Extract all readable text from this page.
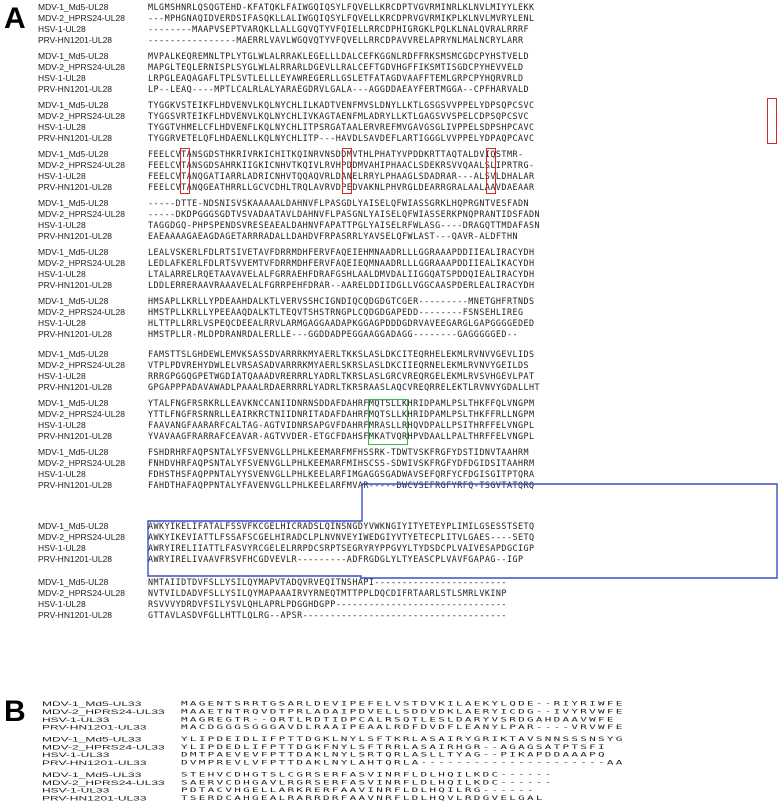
A MDV-1_Md5-UL28	MLGMSHNRLQSQGTEHD-KFATQKLFAIWGQIQSYLFQVELLKRCDPTVGVRMINRLKLNVLMIYYLEKK
MDV-2_HPRS24-UL28	---MPHGNAQIDVERDSIFASQKLLALIWGQIQSYLFQVELLKRCDPRVGVRMIKPLKLNVLMVRYLENL
HSV-1-UL28	--------MAAPVSEPTVARQKLLALLGQVQTYVFQIELLRRCDPHIGRGKLPQLKLNALQVRALRRRF
PRV-HN1201-UL28	----------------MAERRLVAVLWGQVQTYVFQVELLRRCDPAVVRELAPRYNLMALNCRYLARR
MDV-1_Md5-UL28	MVPALKEQREMNLTPLYTGLWLALRRAKLEGELLLDALCEFKGGNLRDFFRKSMSMCGDCPYHSTVELD
MDV-2_HPRS24-UL28	MAPGLTEQLERNISPLSYGLWLALRRARLDGEVLLRALCEFTGDVHGFFIKSMTISGDCPYHEVVELD
HSV-1-UL28	LRPGLEAQAGAFLTPLSVTLELLLEYAWREGERLLGSLETFATAGDVAAFFTEMLGRPCPYHQRVRLD
PRV-HN1201-UL28	LP--LEAQ----MPTLCALRLALYARAEGDRVLGALA---AGGDDAEAYFERTMGGA--CPFHARVALD
MDV-1_Md5-UL28	TYGGKVSTEIKFLHDVENVLKQLNYCHLILKADTVENFMVSLDNYLLKTLGSGSVVPPELYDPSQPCSVC
MDV-2_HPRS24-UL28	TYGGSVRTEIKFLHDVENVLKQLNYCHLIVKAGTAENFMLADRYLLKTLGAGSVVSPELCDPSQPCSVC
HSV-1-UL28	TYGGTVHMELCFLHDVENFLKQLNYCHLITPSRGATAALERVREFMVGAVGSGLIVPPELSDPSHPCAVC
PRV-HN1201-UL28	TYGGRVETELQFLHDAENLLKQLNYCHLITP---HAVDLSAVDEFLARTIGGGLVVPPELYDPAQPCAVC
MDV-1_Md5-UL28	FEELCVTANSGDSTHKRIVRKICHITKQINRVNSDDMVTHLPHATYVPDDKRTTAQTALDVIQSTMR-
MDV-2_HPRS24-UL28	FEELCVTANSGDSAHRKIIGKICNHVTKQIVLRVHPDDMVAHIPHAACLSDEKRSVVQAALSLIPRTRG-
HSV-1-UL28	FEELCVTANQGATIARRLADRICNHVTQQAQVRLDANELRRYLPHAAGLSDADRAR---ALSVLDHALAR
PRV-HN1201-UL28	FEELCVTANQGEATHRRLLGCVCDHLTRQLAVRVDPEDVAKNLPHVRGLDEARRGRALAALAAVDAEAAR
MDV-1_Md5-UL28	-----DTTE-NDSNISVSKAAAAALDAHNVFLPASGDLYAISELQFWIASSGRKLHQPRGNTVESFADN
MDV-2_HPRS24-UL28	-----DKDPGGGSGDTVSVADAATAVLDAHNVFLPASGNLYAISELQFWIASSERKPNQPRANTIDSFADN
HSV-1-UL28	TAGGDGQ-PHPSPENDSVRESEAEALDAHNVFAPATTPGLYAISELRFWLASG----DRAGQTTMDAFASN
PRV-HN1201-UL28	EAEAAAAGAEAGDAGETARRRADALLDAHDVFRPASRRLYAVSELQFWLAST---QAVR-ALDFTHN
MDV-1_Md5-UL28	LEALVSKERLFDLRTSIVETAVFDRRMDHFERVFAQEIEHMNAADRLLLGGRAAAPDDIIEALIRACYDH
MDV-2_HPRS24-UL28	LEDLAFKERLFDLRTSVVEMTVFDRRMDHFERVFAQEIEQMNAADRLLLGGRAAAPDDIIEALIKACYDH
HSV-1-UL28	LTALARRELRQETAAVAVELALFGRRAEHFDRAFGSHLAALDMVDALIIGGQATSPDDQIEALIRACYDH
PRV-HN1201-UL28	LDDLERRERAAVRAAAVELALFGRRPEHFDRAR--AARELDDIIDGLLVGGCAASPDERLEALIRACYDH
MDV-1_Md5-UL28	HMSAPLLKRLLYPDEAAHDALKTLVERVSSHCIGNDIQCQDGDGTCGER---------MNETGHFRTNDS
MDV-2_HPRS24-UL28	HMSTPLLKRLLYPEEAAQDALKTLTEQVTSHSTRNGPLCQDGDGAPEDD--------FSNSEHLIREG
HSV-1-UL28	HLTTPLLRRLVSPEQCDEEALRRVLARMGAGGAADAPKGGAGPDDDGDRVAVEEGARGLGAPGGGGEDED
PRV-HN1201-UL28	HMSTPLLR-MLDPDRANRDALERLLE---GGDDADPEGGAAGGADAGG--------GAGGGGGED--
MDV-1_Md5-UL28	FAMSTTSLGHDEWLEMVKSASSDVARRRKMYAERLTKKSLASLDKCITEQRHELEKMLRVNVVGEVLIDS
MDV-2_HPRS24-UL28	VTPLPDVREHYDWLELVRSASADVARRRKMYAERLSKRSLASLDKCIIEQRNELEKMLRVNVYGEILDS
HSV-1-UL28	RRRGPGGQGPETWGDIATQAAADVRERRRLYADRLTKRSLASLGRCVREQRGELEKMLRVSVHGEVLPAT
PRV-HN1201-UL28	GPGAPPPADAVAWADLPAAALRDAERRRRLYADRLTKRSRAASLAQCVREQRRELEKTLRVNVYGDALLHT
MDV-1_Md5-UL28	YTALFNGFRSRKRLLEAVKNCCANIIDNRNSDDAFDAHRFMQTSLLKHRIDPAMLPSLTHKFFQLVNGPM
MDV-2_HPRS24-UL28	YTTLFNGFRSRNRLLEAIRKRCTNIIDNRITADAFDAHRFMQTSLLKHRIDPAMLPSLTHKFFRLLNGPM
HSV-1-UL28	FAAVANGFAARARFCALTAG-AGTVIDNRSAPGVFDAHRFMRASLLRHQVDPALLPSITHRFFELVNGPL
PRV-HN1201-UL28	YVAVAAGFRARRAFCEAVAR-AGTVVDER-ETGCFDAHSFMKATVQRHPVDAALLPALTHRFFELVNGPL
MDV-1_Md5-UL28	FSHDRHRFAQPSNTALYFSVENVGLLPHLKEEMARFMFHSSRK-TDWTVSKFRGFYDSTIDNVTAAHRM
MDV-2_HPRS24-UL28	FNHDVHRFAQPSNTALYFSVENVGLLPHLKEEMARFMIHSCSS-SDWIVSKFRGFYDFDGIDSITAAHRM
HSV-1-UL28	FDHSTHSFAQPPNTALYYSVENVGLLPHLKEELARFIMGAGGSGADWAVSEFQRFYCFDGISGITPTQRA
PRV-HN1201-UL28	FAHDTHAFAQPPNTALYFAVENVGLLPHLKEELARFMVAR-----DWCVSEFRGFYRFQ-TSGVTATQRQ
MDV-1_Md5-UL28	AWKYIKELIFATALFSSVFKCGELHICRADSLQINSNGDYVWKNGIYITYETEYPLIMILGSESSTSETQ
MDV-2_HPRS24-UL28	AWKYIKEVIATTLFSSAFSCGELHIRADCLPLNVNVEYIWEDGIYVTYETECPLITVLGAES----SETQ
HSV-1-UL28	AWRYIRELIIATTLFASVYRCGELELRRPDCSRPTSEGRYRYPPGVYLTYDSDCPLVAIVESAPDGCIGP
PRV-HN1201-UL28	AWRYIRELIVAAVFRSVFHCGDVEVLR---------ADFRGDGLYLTYEASCPLVAVFGAPAG--IGP
MDV-1_Md5-UL28	NMTAIIDTDVFSLLYSILQYMAPVTADQVRVEQITNSHAPI------------------------
MDV-2_HPRS24-UL28	NVTVILDADVFSLLYSILQYMAPAAAIRVYRNEQTMTTPPLDQCDIFRTAARLSTLSMRLVKINP
HSV-1-UL28	RSVVVYDRDVFSILYSVLQHLAPRLPDGGHDGPP-------------------------------
PRV-HN1201-UL28	GTTAVLASDVFGLLHTTLQLRG--APSR-------------------------------------
B MDV-1_Md5-UL33	MAGENTSRRTGSARLDEVIPEFELVSTDVKILAEKYLQDE--RIYRIWFE
MDV-2_HPRS24-UL33 MAAETNTRQVDTPRLADAIPDVELLSDDVDKLAERYICDG--IVYRVWFE
HSV-1-UL33	MAGREGTR--QRTLRDTIDPCALRSQTLESLDARYVSRDGAHDAAVWFE
PRV-HN1201-UL33	MACDGGGSGGGAVDLRAAIPEAALRDFDVDFLEANYLPAR----VRVWFE
MDV-1_Md5-UL33	YLIPDEIDLIFPTTDGKLNYLSFTKRLASAIRYGRIKTAVSNNSSSNSYG
MDV-2_HPRS24-UL33 YLIPDEDLIFPTTDGKFNYLSFTRRLASAIRHGR--AGAGSATPTSFI
HSV-1-UL33	DMTPAEVEVFPTTDAKLNYLSRTQRLASLLTYAG--PIKAPDDAAAPQ
PRV-HN1201-UL33	DVMPREVLVFPTTDAKLNYLAHTQRLA---------------------AA
MDV-1_Md5-UL33	STEHVCDHGTSLCGRSERFASVINRFLDLHQILKDC------
MDV-2_HPRS24-UL33 SAERVCDHGAVLRGRSERFASVINRFLDLHQILKDC------
HSV-1-UL33	PDTACVHGELLARKRERFAAVINRFLDLHQILRG------
PRV-HN1201-UL33	TSERDCAHGEALRARRDRFAAVNRFLDLHQVLRDGVELGAL
